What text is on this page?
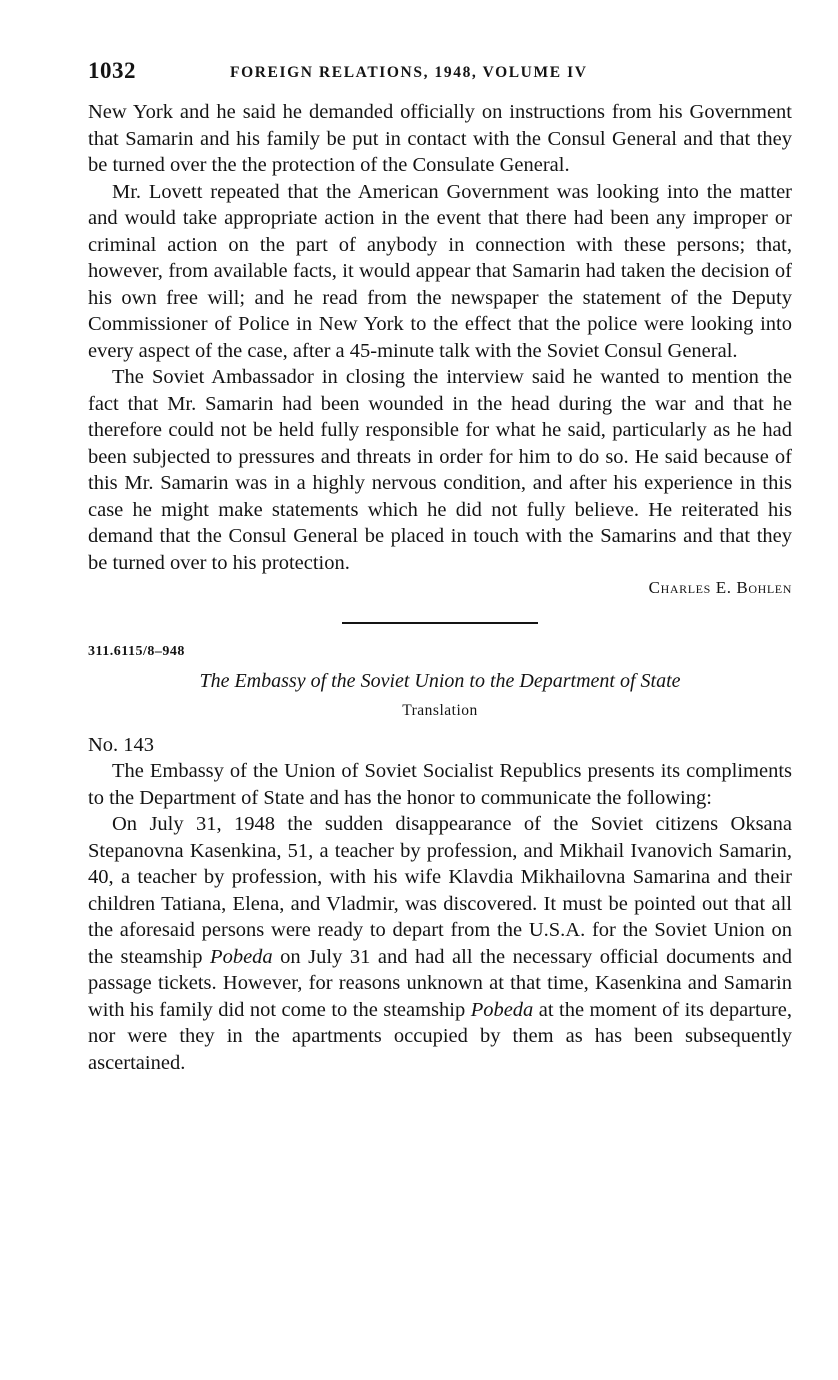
1032	FOREIGN RELATIONS, 1948, VOLUME IV

New York and he said he demanded officially on instructions from his Government that Samarin and his family be put in contact with the Consul General and that they be turned over the the protection of the Consulate General.

Mr. Lovett repeated that the American Government was looking into the matter and would take appropriate action in the event that there had been any improper or criminal action on the part of anybody in connection with these persons; that, however, from available facts, it would appear that Samarin had taken the decision of his own free will; and he read from the newspaper the statement of the Deputy Commissioner of Police in New York to the effect that the police were looking into every aspect of the case, after a 45-minute talk with the Soviet Consul General.

The Soviet Ambassador in closing the interview said he wanted to mention the fact that Mr. Samarin had been wounded in the head during the war and that he therefore could not be held fully responsible for what he said, particularly as he had been subjected to pressures and threats in order for him to do so. He said because of this Mr. Samarin was in a highly nervous condition, and after his experience in this case he might make statements which he did not fully believe. He reiterated his demand that the Consul General be placed in touch with the Samarins and that they be turned over to his protection.

Charles E. Bohlen
311.6115/8–948
The Embassy of the Soviet Union to the Department of State
Translation
No. 143

The Embassy of the Union of Soviet Socialist Republics presents its compliments to the Department of State and has the honor to communicate the following:

On July 31, 1948 the sudden disappearance of the Soviet citizens Oksana Stepanovna Kasenkina, 51, a teacher by profession, and Mikhail Ivanovich Samarin, 40, a teacher by profession, with his wife Klavdia Mikhailovna Samarina and their children Tatiana, Elena, and Vladmir, was discovered. It must be pointed out that all the aforesaid persons were ready to depart from the U.S.A. for the Soviet Union on the steamship Pobeda on July 31 and had all the necessary official documents and passage tickets. However, for reasons unknown at that time, Kasenkina and Samarin with his family did not come to the steamship Pobeda at the moment of its departure, nor were they in the apartments occupied by them as has been subsequently ascertained.
